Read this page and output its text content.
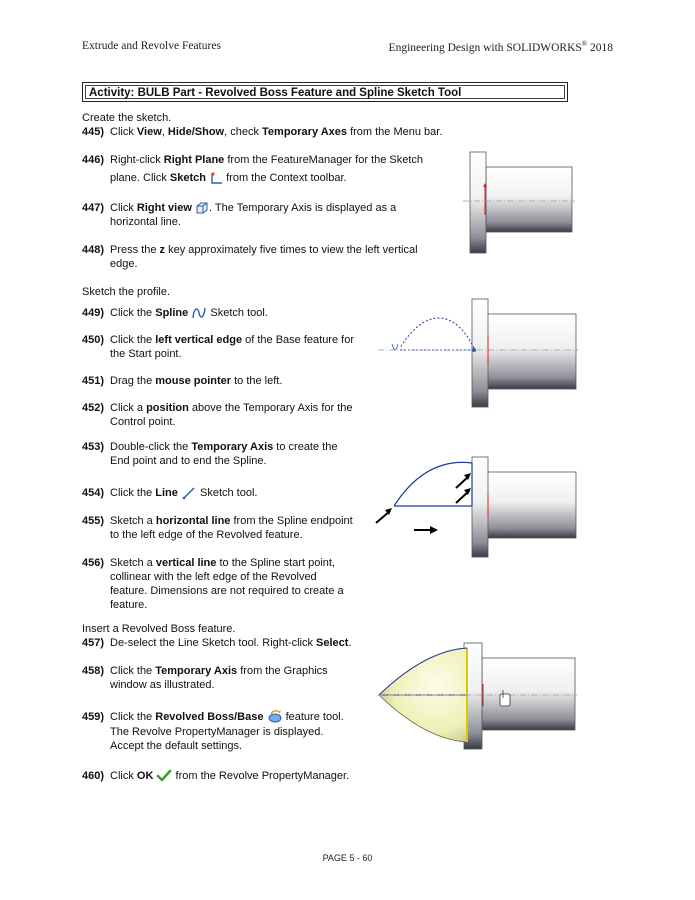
Extrude and Revolve Features	Engineering Design with SOLIDWORKS® 2018
Activity: BULB Part - Revolved Boss Feature and Spline Sketch Tool
Create the sketch.
445) Click View, Hide/Show, check Temporary Axes from the Menu bar.
446) Right-click Right Plane from the FeatureManager for the Sketch
plane. Click Sketch  from the Context toolbar.
447) Click Right view . The Temporary Axis is displayed as a
horizontal line.
448) Press the z key approximately five times to view the left vertical
edge.
Sketch the profile.
449) Click the Spline  Sketch tool.
450) Click the left vertical edge of the Base feature for
the Start point.
451) Drag the mouse pointer to the left.
452) Click a position above the Temporary Axis for the
Control point.
453) Double-click the Temporary Axis to create the
End point and to end the Spline.
454) Click the Line  Sketch tool.
455) Sketch a horizontal line from the Spline endpoint
to the left edge of the Revolved feature.
456) Sketch a vertical line to the Spline start point,
collinear with the left edge of the Revolved
feature. Dimensions are not required to create a
feature.
Insert a Revolved Boss feature.
457) De-select the Line Sketch tool. Right-click Select.
458) Click the Temporary Axis from the Graphics
window as illustrated.
459) Click the Revolved Boss/Base  feature tool.
The Revolve PropertyManager is displayed.
Accept the default settings.
460) Click OK  from the Revolve PropertyManager.
PAGE 5 - 60
